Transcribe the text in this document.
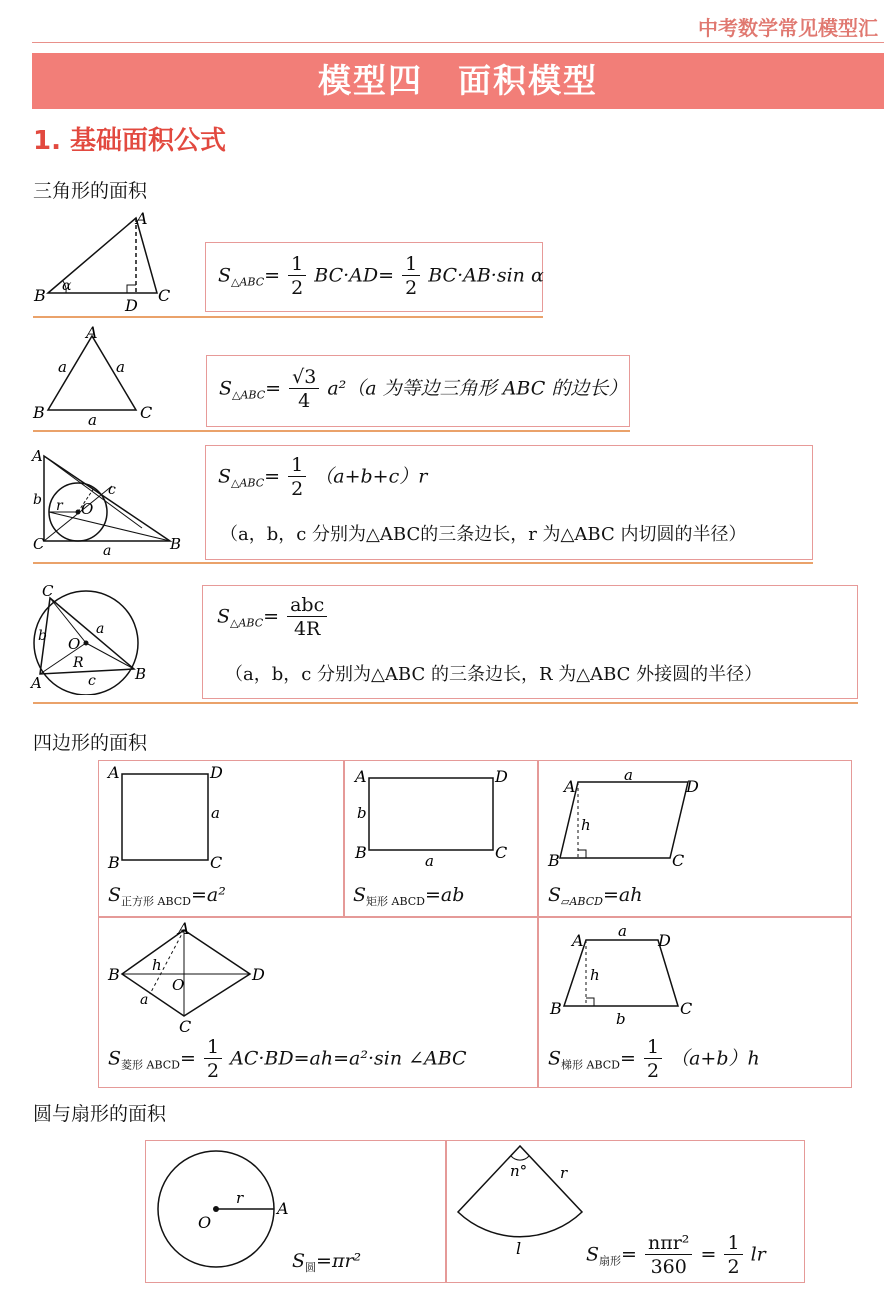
中考数学常见模型汇
模型四　面积模型
1. 基础面积公式
三角形的面积
B
A
C
D
α	$S_{\triangle ABC}= \frac{1}{2} BC\cdot AD= \frac{1}{2} BC\cdot AB\cdot\sin$ α
A
B	C
a	a
a
$S_{\triangle ABC}= \frac{√3}{4} a^2(a$ 为等边三角形 ABC 的边长）
A
C	B
O
b r
c
a
$S_{\triangle ABC}= \frac{1}{2} (a+b+c)r$
（a，b，c 分别为△ABC的三条边长，r 为△ABC 内切圆的半径）
C
A	B
O
b	a
R
c
$S_{\triangle ABC}= \frac{\text{abc}}{4R}$
（a，b，c 分别为△ABC 的三条边长，R 为△ABC 外接圆的半径）
四边形的面积
A	D
B	C
a
$S_{正方形 ABCD}=a^2$
A	D
B	C
b
a
$S_{矩形 ABCD}=ab$
A	D
B	C
a
h
$S_{▱ABCD}=ah$
A
B	D
C
O
h
a
$S_{菱形 ABCD}= \frac{1}{2} AC\cdot BD=ah=a^2\cdot\sin$ ∠ABC
A	D
B	C
a
h
b
$S_{梯形 ABCD}= \frac{1}{2} (a+b)h$
圆与扇形的面积
O
r
A
$S_圆=\pi r^2$
n° r
l	$S_{扇形}= \frac{\text{nπr²}}{360} = \frac{1}{2}$ lr
